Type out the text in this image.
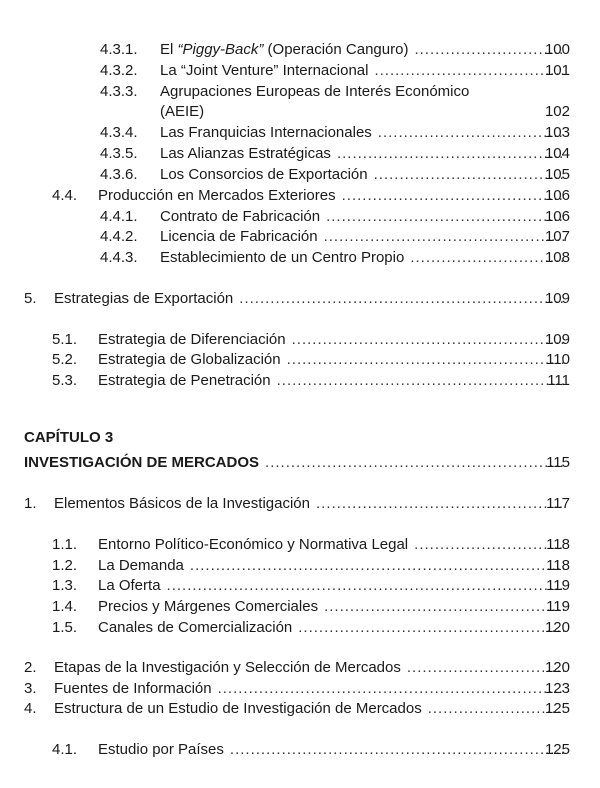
4.3.1.	El “Piggy-Back” (Operación Canguro) .....	100
4.3.2.	La “Joint Venture” Internacional .....	101
4.3.3.	Agrupaciones Europeas de Interés Económico
(AEIE)	102
4.3.4.	Las Franquicias Internacionales .....	103
4.3.5.	Las Alianzas Estratégicas .....	104
4.3.6.	Los Consorcios de Exportación .....	105
4.4.	Producción en Mercados Exteriores .....	106
4.4.1.	Contrato de Fabricación .....	106
4.4.2.	Licencia de Fabricación .....	107
4.4.3.	Establecimiento de un Centro Propio .....	108
5.	Estrategias de Exportación .....	109
5.1.	Estrategia de Diferenciación .....	109
5.2.	Estrategia de Globalización .....	110
5.3.	Estrategia de Penetración .....	111
CAPÍTULO 3
INVESTIGACIÓN DE MERCADOS .....	115
1.	Elementos Básicos de la Investigación .....	117
1.1.	Entorno Político-Económico y Normativa Legal .....	118
1.2.	La Demanda .....	118
1.3.	La Oferta .....	119
1.4.	Precios y Márgenes Comerciales .....	119
1.5.	Canales de Comercialización .....	120
2.	Etapas de la Investigación y Selección de Mercados .....	120
3.	Fuentes de Información .....	123
4.	Estructura de un Estudio de Investigación de Mercados .....	125
4.1.	Estudio por Países .....	125
